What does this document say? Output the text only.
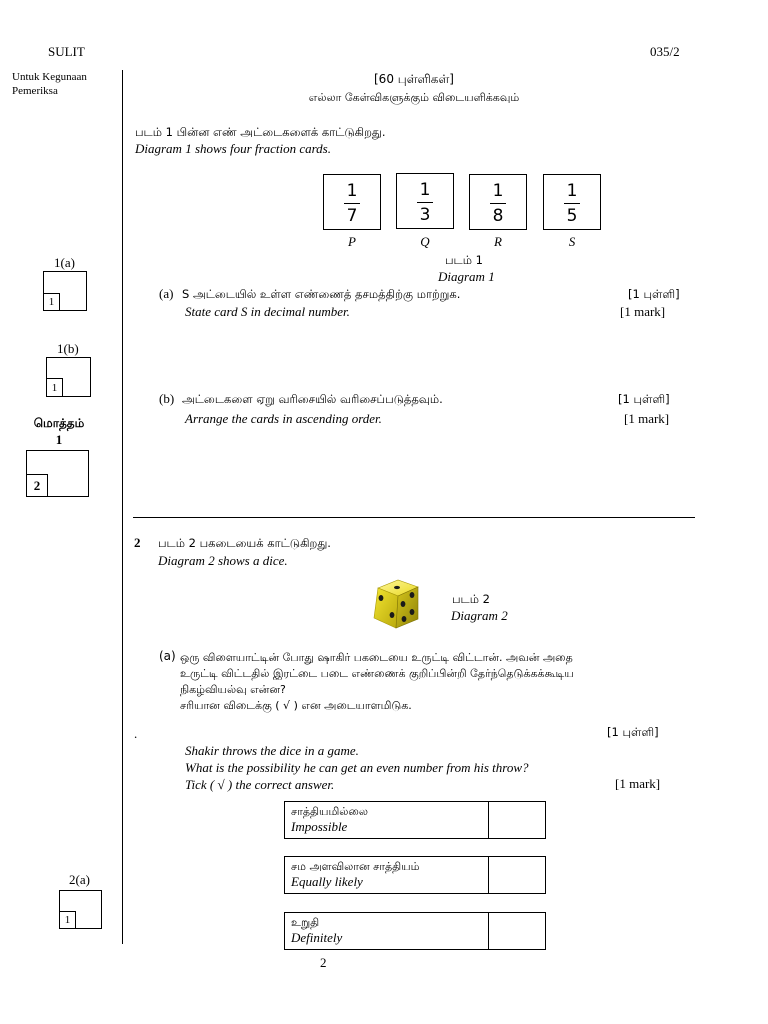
SULIT	035/2
Untuk Kegunaan
Pemeriksa
1(a)
1
1(b)
1
மொத்தம்
1
2
2(a)
1
[60 புள்ளிகள்]
எல்லா கேள்விகளுக்கும் விடையளிக்கவும்
படம் 1 பின்ன எண் அட்டைகளைக் காட்டுகிறது.
Diagram 1 shows four fraction cards.
1
7
1
3
1
8
1
5
P	Q	R	S
படம் 1
Diagram 1
(a) S அட்டையில் உள்ள எண்ணைத் தசமத்திற்கு மாற்றுக.	[1 புள்ளி]
State card S in decimal number.	[1 mark]
(b) அட்டைகளை ஏறு வரிசையில் வரிசைப்படுத்தவும்.	[1 புள்ளி]
Arrange the cards in ascending order.	[1 mark]
2 படம் 2 பகடையைக் காட்டுகிறது.
Diagram 2 shows a dice.
படம் 2
Diagram 2
(a) ஒரு விளையாட்டின் போது ஷாகிர் பகடையை உருட்டி விட்டான். அவன் அதை
உருட்டி விட்டதில் இரட்டை படை எண்ணைக் குறிப்பின்றி தேர்ந்தெடுக்கக்கூடிய
நிகழ்வியல்வு என்ன?
சரியான விடைக்கு ( √ ) என அடையாளமிடுக.
.	[1 புள்ளி]
Shakir throws the dice in a game.
What is the possibility he can get an even number from his throw?
Tick ( √ ) the correct answer.	[1 mark]
சாத்தியமில்லை
Impossible

சம அளவிலான சாத்தியம்
Equally likely

உறுதி
Definitely

2
